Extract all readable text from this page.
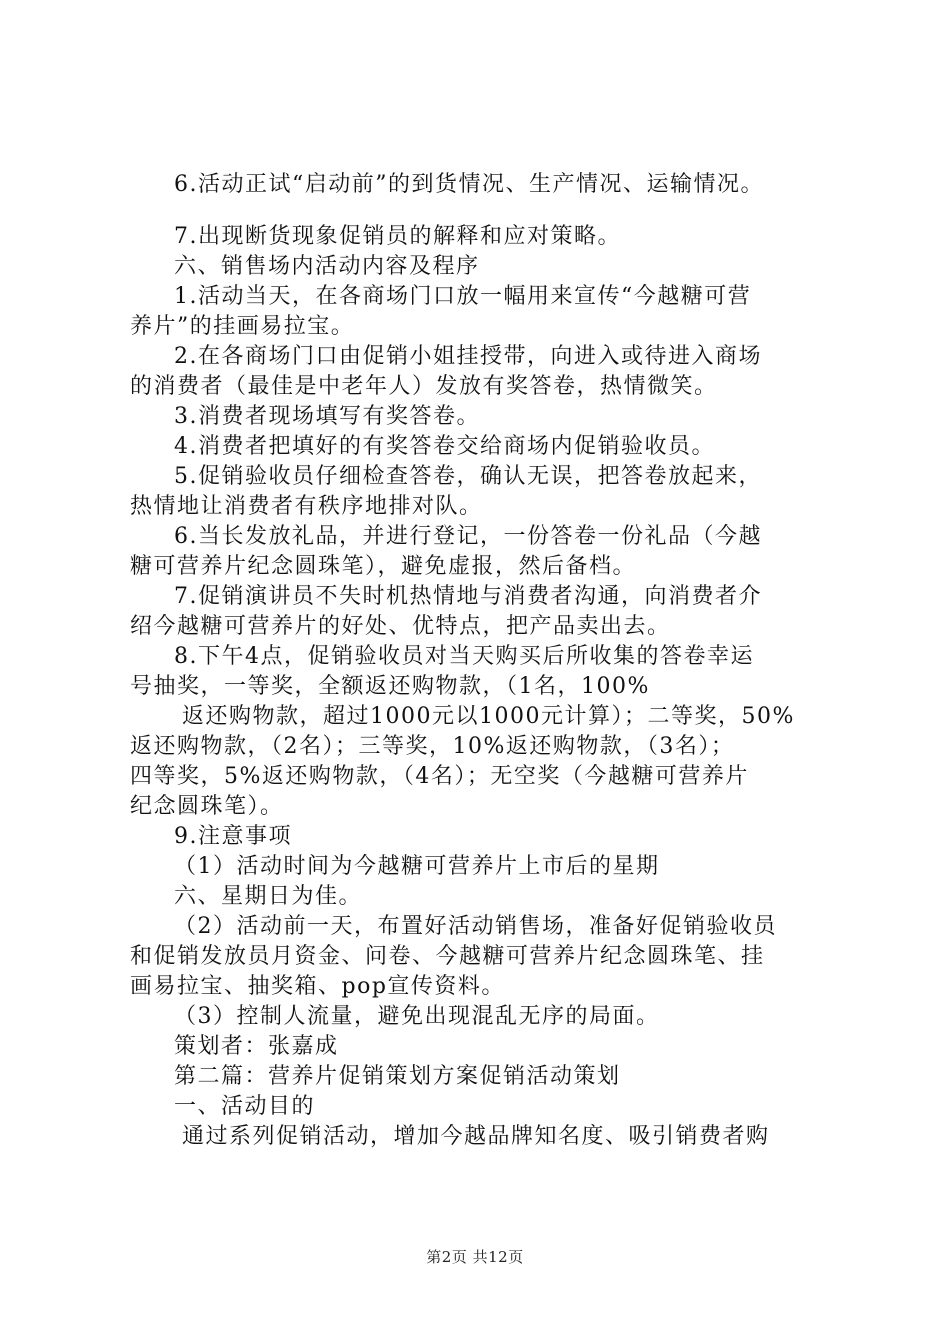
6.活动正试“启动前”的到货情况、生产情况、运输情况。

7.出现断货现象促销员的解释和应对策略。

六、销售场内活动内容及程序

1.活动当天，在各商场门口放一幅用来宣传“今越糖可营

养片”的挂画易拉宝。

2.在各商场门口由促销小姐挂授带，向进入或待进入商场

的消费者（最佳是中老年人）发放有奖答卷，热情微笑。

3.消费者现场填写有奖答卷。

4.消费者把填好的有奖答卷交给商场内促销验收员。

5.促销验收员仔细检查答卷，确认无误，把答卷放起来，

热情地让消费者有秩序地排对队。

6.当长发放礼品，并进行登记，一份答卷一份礼品（今越

糖可营养片纪念圆珠笔），避免虚报，然后备档。

7.促销演讲员不失时机热情地与消费者沟通，向消费者介

绍今越糖可营养片的好处、优特点，把产品卖出去。

8.下午4点，促销验收员对当天购买后所收集的答卷幸运

号抽奖，一等奖，全额返还购物款，（1名，100%

返还购物款，超过1000元以1000元计算）；二等奖，50%

返还购物款，（2名）；三等奖，10%返还购物款，（3名）；

四等奖，5%返还购物款，（4名）；无空奖（今越糖可营养片

纪念圆珠笔）。

9.注意事项

（1）活动时间为今越糖可营养片上市后的星期

六、星期日为佳。

（2）活动前一天，布置好活动销售场，准备好促销验收员

和促销发放员月资金、问卷、今越糖可营养片纪念圆珠笔、挂

画易拉宝、抽奖箱、pop宣传资料。

（3）控制人流量，避免出现混乱无序的局面。

策划者：张嘉成

第二篇：营养片促销策划方案促销活动策划

一、活动目的

通过系列促销活动，增加今越品牌知名度、吸引销费者购

第2页 共12页
